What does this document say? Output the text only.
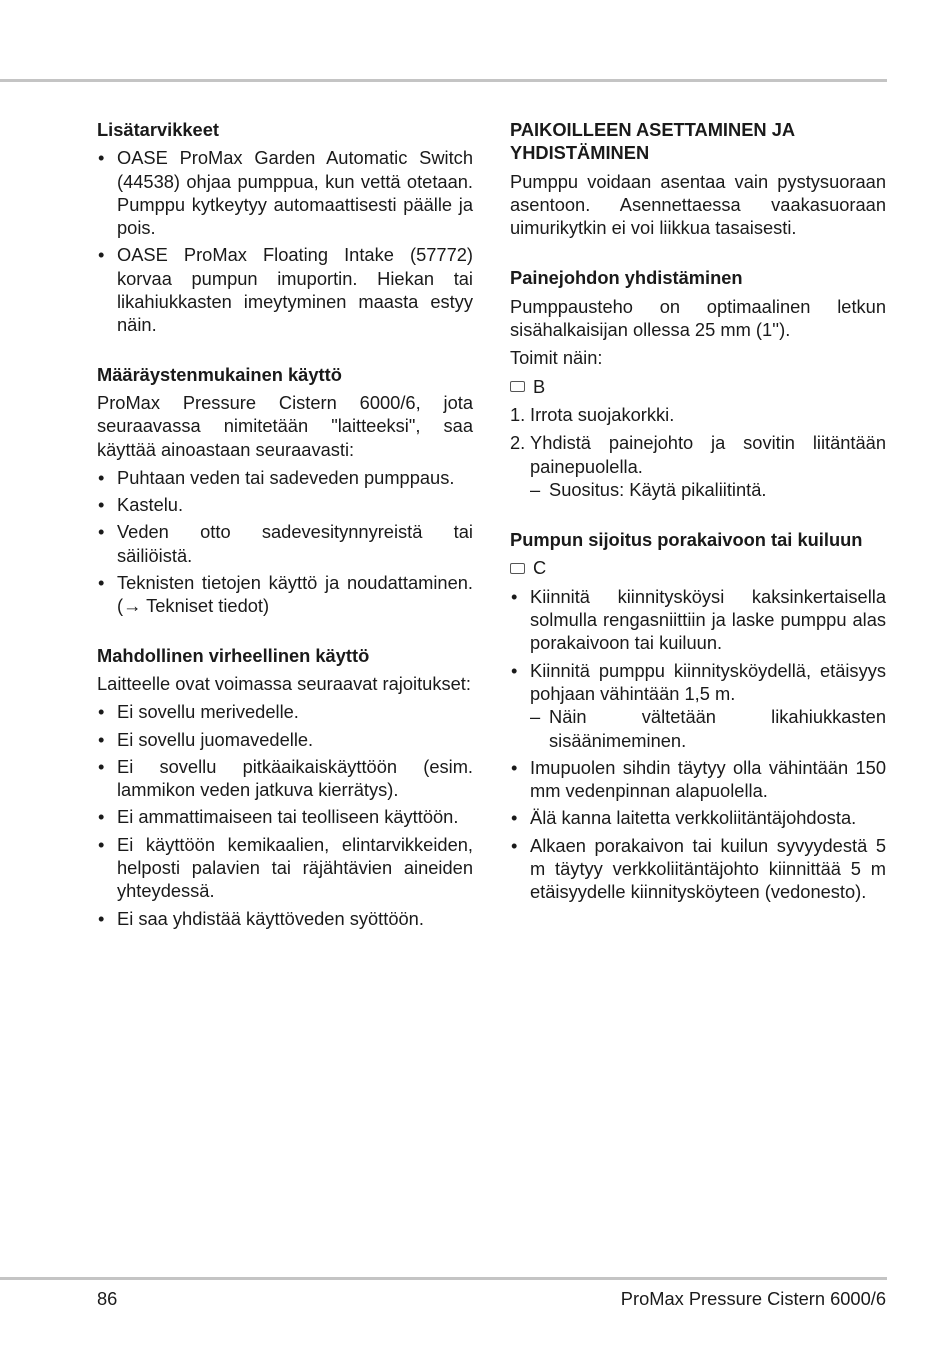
Lisätarvikkeet
• OASE ProMax Garden Automatic Switch (44538) ohjaa pumppua, kun vettä otetaan. Pumppu kytkeytyy automaattisesti päälle ja pois.
• OASE ProMax Floating Intake (57772) korvaa pumpun imuportin. Hiekan tai likahiukkasten imeytyminen maasta estyy näin.
Määräystenmukainen käyttö

ProMax Pressure Cistern 6000/6, jota seuraavassa nimitetään "laitteeksi", saa käyttää ainoastaan seuraavasti:

• Puhtaan veden tai sadeveden pumppaus.
• Kastelu.
• Veden otto sadevesitynnyreistä tai säiliöistä.
• Teknisten tietojen käyttö ja noudattaminen. (→ Tekniset tiedot)
Mahdollinen virheellinen käyttö

Laitteelle ovat voimassa seuraavat rajoitukset:

• Ei sovellu merivedelle.
• Ei sovellu juomavedelle.
• Ei sovellu pitkäaikaiskäyttöön (esim. lammikon veden jatkuva kierrätys).
• Ei ammattimaiseen tai teolliseen käyttöön.
• Ei käyttöön kemikaalien, elintarvikkeiden, helposti palavien tai räjähtävien aineiden yhteydessä.
• Ei saa yhdistää käyttöveden syöttöön.
PAIKOILLEEN ASETTAMINEN JA YHDISTÄMINEN

Pumppu voidaan asentaa vain pystysuoraan asentoon. Asennettaessa vaakasuoraan uimurikytkin ei voi liikkua tasaisesti.

Painejohdon yhdistäminen

Pumppausteho on optimaalinen letkun sisähalkaisijan ollessa 25 mm (1'').

Toimit näin:

B
1. Irrota suojakorkki.
2. Yhdistä painejohto ja sovitin liitäntään painepuolella.
– Suositus: Käytä pikaliitintä.
Pumpun sijoitus porakaivoon tai kuiluun
C
• Kiinnitä kiinnitysköysi kaksinkertaisella solmulla rengasniittiin ja laske pumppu alas porakaivoon tai kuiluun.
• Kiinnitä pumppu kiinnitysköydellä, etäisyys pohjaan vähintään 1,5 m.
– Näin vältetään likahiukkasten sisäänimeminen.
• Imupuolen sihdin täytyy olla vähintään 150 mm vedenpinnan alapuolella.
• Älä kanna laitetta verkkoliitäntäjohdosta.
• Alkaen porakaivon tai kuilun syvyydestä 5 m täytyy verkkoliitäntäjohto kiinnittää 5 m etäisyydelle kiinnitysköyteen (vedonesto).
86	ProMax Pressure Cistern 6000/6
